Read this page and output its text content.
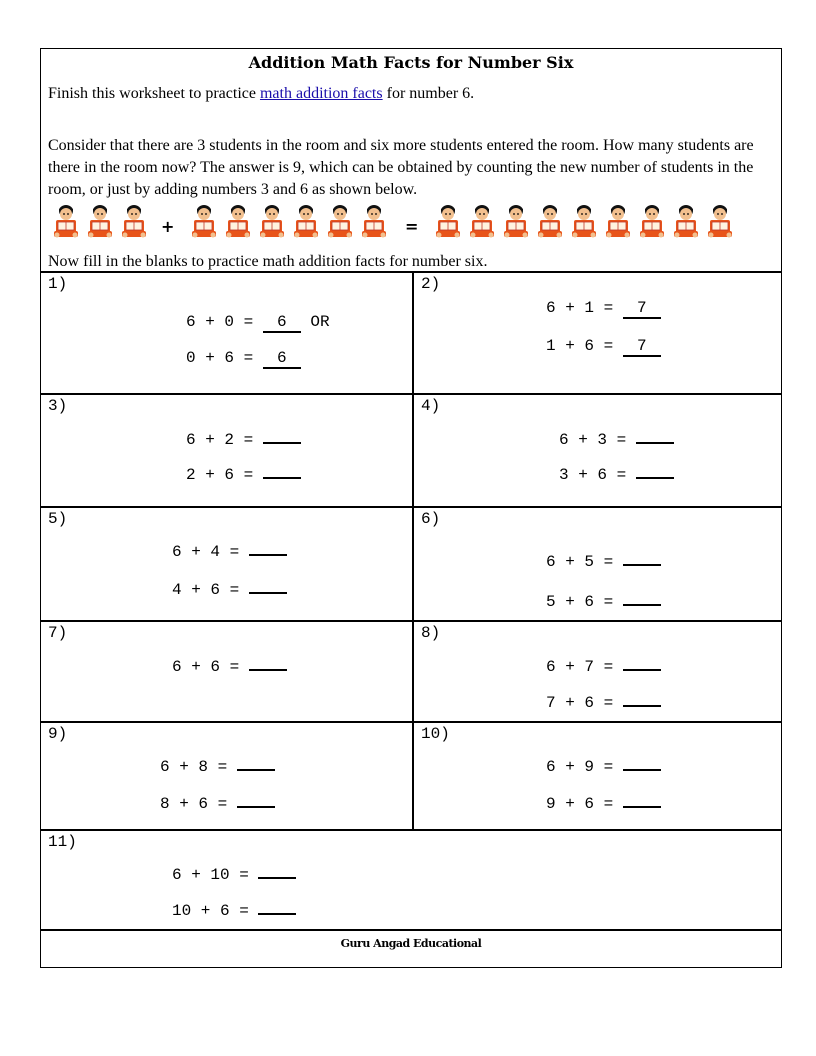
Addition Math Facts for Number Six
Finish this worksheet to practice math addition facts for number 6.
Consider that there are 3 students in the room and six more students entered the room. How many students are there in the room now? The answer is 9, which can be obtained by counting the new number of students in the room, or just by adding numbers 3 and 6 as shown below.
+	=
Now fill in the blanks to practice math addition facts for number six.
1)
6 + 0 = 6 OR
0 + 6 = 6
2)
6 + 1 = 7
1 + 6 = 7
3)
6 + 2 =
2 + 6 =
4)
6 + 3 =
3 + 6 =
5)
6 + 4 =
4 + 6 =
6)
6 + 5 =
5 + 6 =
7)
6 + 6 =
8)
6 + 7 =
7 + 6 =
9)
6 + 8 =
8 + 6 =
10)
6 + 9 =
9 + 6 =
11)
6 + 10 =
10 + 6 =
Guru Angad Educational
